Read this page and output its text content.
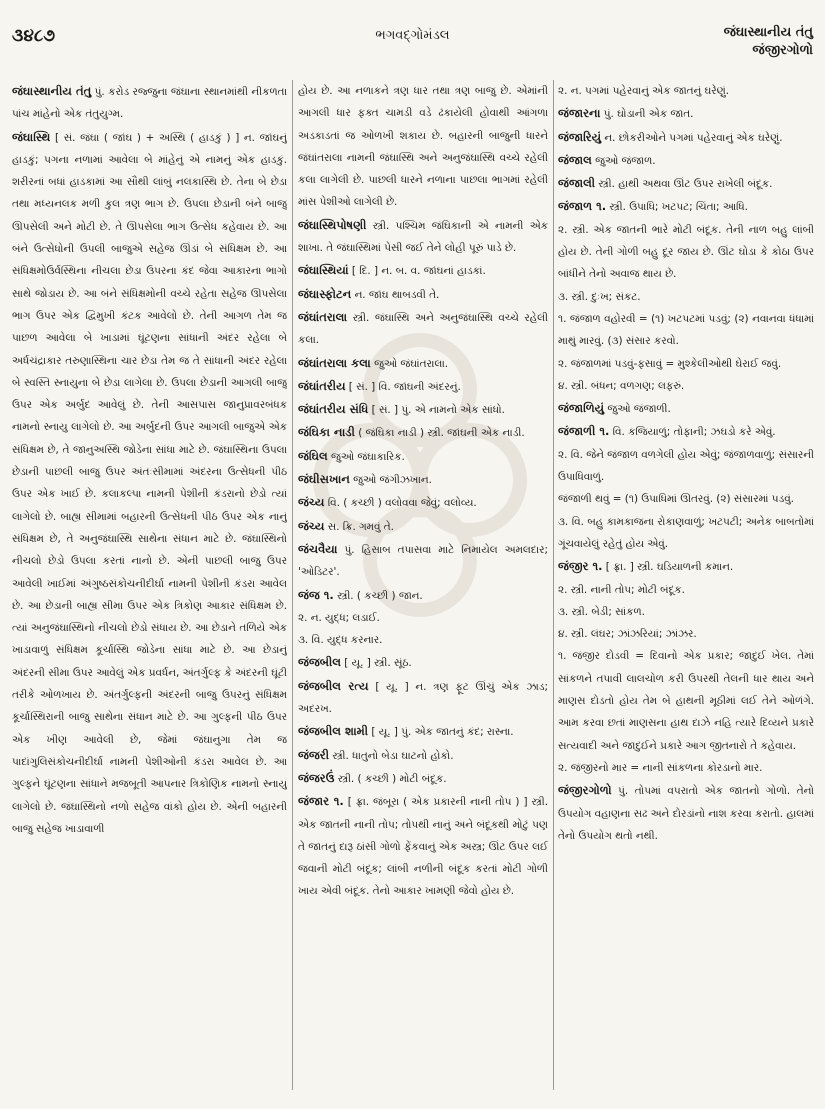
૩૪૮૭	ભગવદ્ગોમંડલ	જંઘાસ્થાનીય તંતુ
જંજીરગોળો

જંઘાસ્થાનીય તંતુ પું. કરોડ રજ્જુના જંઘાના સ્થાનમાંથી નીકળતા પાંચ માંહેનો એક તંતુયુગ્મ.

જંઘાસ્થિ [ સં. જંઘા ( જાંઘ ) + અસ્થિ ( હાડકું ) ] ન. જાંઘનું હાડકું; પગના નળામાં આવેલા બે માંહેનું એ નામનું એક હાડકું. શરીરનાં બધાં હાડકામાં આ સૌથી લાંબું નલકાસ્થિ છે. તેના બે છેડા તથા મધ્યનલક મળી કુલ ત્રણ ભાગ છે. ઉપલા છેડાની બંને બાજુ ઊપસેલી અને મોટી છે. તે ઊપસેલા ભાગ ઉત્સેધ કહેવાય છે. આ બંને ઉત્સેધોની ઉપલી બાજુએ સહેજ ઊંડાં બે સંધિક્ષમ છે. આ સંધિક્ષમોઉર્વસ્થિના નીચલા છેડા ઉપરના કંદ જેવા આકારના ભાગો સાથે જોડાય છે. આ બંને સંધિક્ષમોની વચ્ચે રહેતા સહેજ ઊપસેલા ભાગ ઉપર એક દ્વિમુખી કંટક આવેલો છે. તેની આગળ તેમ જ પાછળ આવેલા બે ખાડામાં ઘૂંટણના સાંધાની અંદર રહેલા બે અર્ધચંદ્રાકાર તરુણાસ્થિના ચાર છેડા તેમ જ તે સાંધાની અંદર રહેલા બે સ્વસ્તિ સ્નાયુના બે છેડા લાગેલા છે. ઉપલા છેડાની આગલી બાજુ ઉપર એક અર્બુદ આવેલું છે. તેની આસપાસ જાનુપ્રાવરબંધક નામનો સ્નાયુ લાગેલો છે. આ અર્બુદની ઉપર આગલી બાજુએ એક સંધિક્ષમ છે, તે જાનુઅસ્થિ જોડેના સાંધા માટે છે. જંઘાસ્થિના ઉપલા છેડાની પાછલી બાજુ ઉપર અંતઃસીમામાં અંદરના ઉત્સેધની પીઠ ઉપર એક ખાઈ છે. કલાકલ્પા નામની પેશીની કંડરાનો છેડો ત્યાં લાગેલો છે. બાહ્ય સીમામાં બહારની ઉત્સેધની પીઠ ઉપર એક નાનું સંધિક્ષમ છે, તે અનુજંઘાસ્થિ સાથેના સંધાન માટે છે. જંઘાસ્થિનો નીચલો છેડો ઉપલા કરતાં નાનો છે. એની પાછલી બાજુ ઉપર આવેલી ખાઈમાં અંગુષ્ઠસંકોચનીદીર્ઘા નામની પેશીની કંડરા આવેલ છે. આ છેડાની બાહ્ય સીમા ઉપર એક ત્રિકોણ આકાર સંધિક્ષમ છે. ત્યાં અનુજંઘાસ્થિનો નીચલો છેડો સંધાય છે. આ છેડાને તળિયે એક ખાડાવાળું સંધિક્ષમ કૂર્ચાસ્થિ જોડેના સાંધા માટે છે. આ છેડાનું અંદરની સીમા ઉપર આવેલું એક પ્રવર્ધન, અંતર્ગુલ્ફ કે અંદરની ઘૂંટી તરીકે ઓળખાય છે. અંતર્ગુલ્ફની અંદરની બાજુ ઉપરનું સંધિક્ષમ કૂર્ચાસ્થિરાની બાજુ સાથેના સંધાન માટે છે. આ ગુલ્ફની પીઠ ઉપર એક ખીણ આવેલી છે, જેમાં જંઘાનુગા તેમ જ પાદાંગુલિસંકોચનીદીર્ઘા નામની પેશીઓની કંડરા આવેલ છે. આ ગુલ્ફને ઘૂંટણના સાંધાને મજબૂતી આપનાર ત્રિકોણિક નામનો સ્નાયુ લાગેલો છે. જંઘાસ્થિનો નળો સહેજ વાંકો હોય છે. એની બહારની બાજુ સહેજ ખાડાવાળી

હોય છે. આ નળાકને ત્રણ ધાર તથા ત્રણ બાજુ છે. એમાંની આગલી ધાર ફક્ત ચામડી વડે ઢંકાયેલી હોવાથી આંગળા અડકાડતાં જ ઓળખી શકાય છે. બહારની બાજુની ધારને જંઘાંતરાલા નામની જંઘાસ્થિ અને અનુજંઘાસ્થિ વચ્ચે રહેલી કલા લાગેલી છે. પાછલી ધારને નળાના પાછલા ભાગમાં રહેલી માંસ પેશીઓ લાગેલી છે.

જંઘાસ્થિપોષણી સ્ત્રી. પશ્ચિમ જંઘિકાની એ નામની એક શાખા. તે જંઘાસ્થિમાં પેસી જઈ તેને લોહી પૂરું પાડે છે.

જંઘાસ્થિયાં [ દિ. ] ન. બ. વ. જાંઘનાં હાડકાં.

જંઘાસ્ફોટન ન. જાંઘ થાબડવી તે.

જંઘાંતરાલા સ્ત્રી. જંઘાસ્થિ અને અનુજંઘાસ્થિ વચ્ચે રહેલી કલા.

જંઘાંતરાલા કલા જુઓ જંઘાંતરાલા.

જંઘાંતરીય [ સં. ] વિ. જાંઘની અંદરનું.

જંઘાંતરીય સંધિ [ સં. ] પું. એ નામનો એક સાંધો.

જંઘિકા નાડી ( જંઘિકા નાડી ) સ્ત્રી. જાંઘની એક નાડી.

જંઘિલ જુઓ જંઘાકારિક.

જંઘીસખાન જુઓ જંગીઝખાન.

જંચ્ય વિ. ( કચ્છી ) વલોવવા જેવું; વલોવ્ય.

જંચ્ય સ. ક્રિ. ગમવું તે.

જંચવૈયા પું. હિસાબ તપાસવા માટે નિમાયેલ અમલદાર; 'ઓડિટર'.

જંજ ૧. સ્ત્રી. ( કચ્છી ) જાન.

૨. ન. યુદ્ધ; લડાઈ.

૩. વિ. યુદ્ધ કરનાર.

જંજબીલ [ યૂ. ] સ્ત્રી. સૂંઠ.

જંજબીલ રત્ય [ યૂ. ] ન. ત્રણ ફૂટ ઊંચું એક ઝાડ; અદરખ.

જંજબીલ શામી [ યૂ. ] પું. એક જાતનું કંદ; રાસ્ના.

જંજરી સ્ત્રી. ધાતુનો બેડા ઘાટનો હોકો.

જંજરઉં સ્ત્રી. ( કચ્છી ) મોટી બંદૂક.

જંજાર ૧. [ ફ્રા. જંબૂરા ( એક પ્રકારની નાની તોપ ) ] સ્ત્રી. એક જાતની નાની તોપ; તોપથી નાનું અને બંદૂકથી મોટું પણ તે જાતનું દારૂ ઠાંસી ગોળો ફેંકવાનું એક અસ્ત્ર; ઊંટ ઉપર લઈ જવાની મોટી બંદૂક; લાંબી નળીની બંદૂક કરતાં મોટી ગોળી ખાય એવી બંદૂક. તેનો આકાર ખામણી જેવો હોય છે.

૨. ન. પગમાં પહેરવાનું એક જાતનું ઘરેણું.

જંજારના પું. ઘોડાની એક જાત.

જંજારિયું ન. છોકરીઓને પગમાં પહેરવાનું એક ઘરેણું.

જંજાલ જુઓ જંજાળ.

જંજાલી સ્ત્રી. હાથી અથવા ઊંટ ઉપર રાખેલી બંદૂક.

જંજાળ ૧. સ્ત્રી. ઉપાધિ; ખટપટ; ચિંતા; આધિ.

૨. સ્ત્રી. એક જાતની ભારે મોટી બંદૂક. તેની નાળ બહુ લાંબી હોય છે. તેની ગોળી બહુ દૂર જાય છે. ઊંટ ઘોડા કે કોઠા ઉપર બાંધીને તેનો અવાજ થાય છે.

૩. સ્ત્રી. દુઃખ; સંકટ.

૧. જંજાળ વહોરવી = (૧) ખટપટમાં પડવું; (૨) નવાનવા ધંધામાં માથું મારવું. (૩) સંસાર કરવો.

૨. જંજાળમાં પડવું-ફસાવું = મુશ્કેલીઓથી ઘેરાઈ જવું.

૪. સ્ત્રી. બંધન; વળગણ; લફરું.

જંજાળિયું જુઓ જંજાળી.

જંજાળી ૧. વિ. કજિયાળું; તોફાની; ઝઘડો કરે એવું.

૨. વિ. જેને જંજાળ વળગેલી હોય એવું; જંજાળવાળું; સંસારની ઉપાધિવાળું.

જંજાળી થવું = (૧) ઉપાધિમાં ઊતરવું. (૨) સંસારમાં પડવું.

૩. વિ. બહુ કામકાજના રોકાણવાળું; ખટપટી; અનેક બાબતોમાં ગૂંચવાયેલું રહેતું હોય એવું.

જંજીર ૧. [ ફ્રા. ] સ્ત્રી. ઘડિયાળની કમાન.

૨. સ્ત્રી. નાની તોપ; મોટી બંદૂક.

૩. સ્ત્રી. બેડી; સાંકળ.

૪. સ્ત્રી. લંઘર; ઝાંઝરિયાં; ઝાંઝર.

૧. જંજીર દોડવી = દિવાનો એક પ્રકાર; જાદુઈ ખેલ. તેમાં સાંકળને તપાવી લાલચોળ કરી ઉપરથી તેલની ધાર થાય અને માણસ દોડતો હોય તેમ બે હાથની મૂઠીમાં લઈ તેને ઓળંગે. આમ કરવા છતાં માણસના હાથ દાઝે નહિ ત્યારે દિવ્યને પ્રકારે સત્યવાદી અને જાદુઈને પ્રકારે આગ જીતનારો તે કહેવાય.

૨. જંજીરનો માર = નાની સાંકળના કોરડાનો માર.

જંજીરગોળો પું. તોપમાં વપરાતો એક જાતનો ગોળો. તેનો ઉપયોગ વહાણના સઢ અને દોરડાંનો નાશ કરવા કરાતો. હાલમાં તેનો ઉપયોગ થતો નથી.
